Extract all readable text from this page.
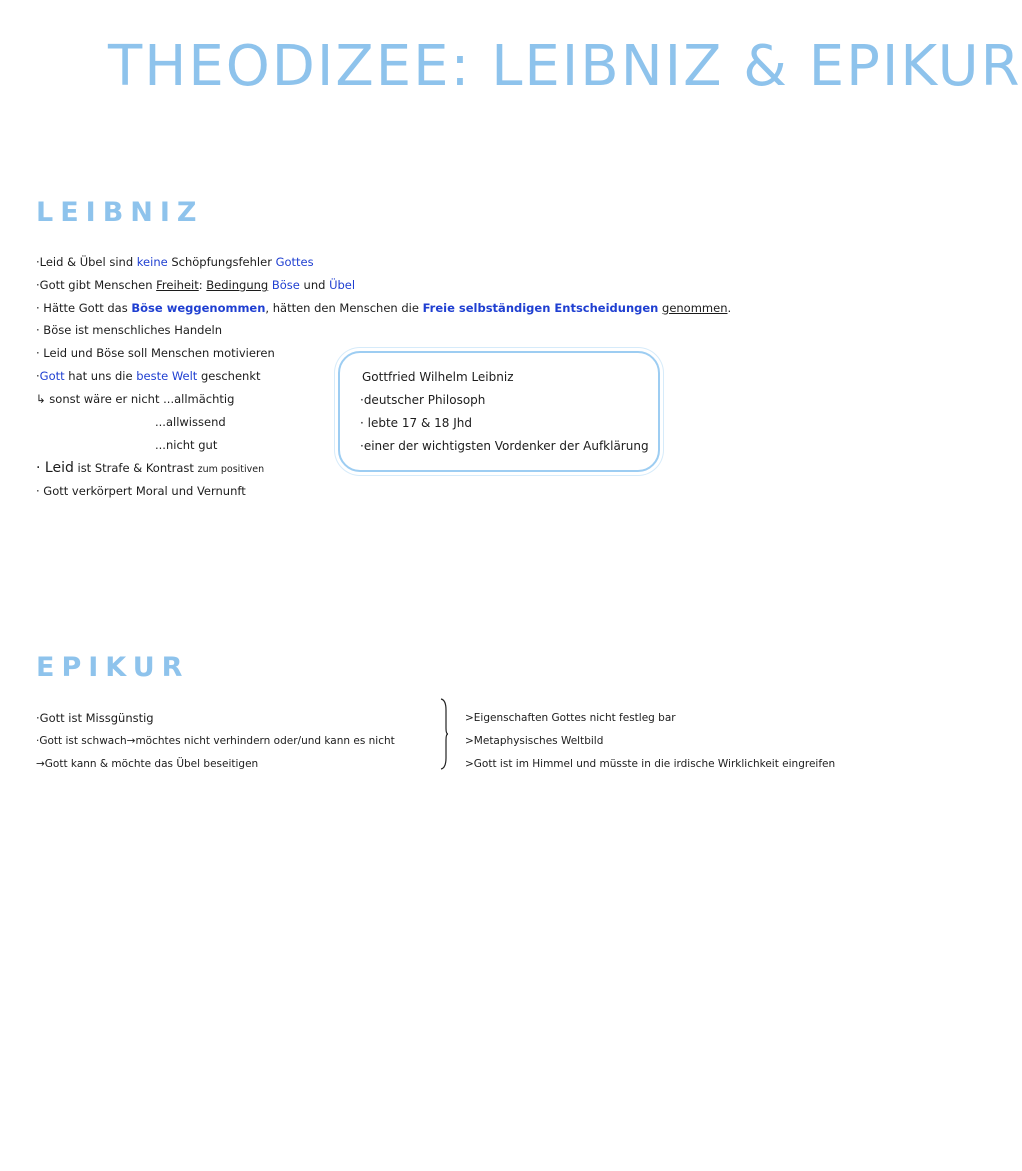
THEODIZEE: LEIBNIZ & EPIKUR
LEIBNIZ
·Leid & Übel sind keine Schöpfungsfehler Gottes
·Gott gibt Menschen Freiheit: Bedingung Böse und Übel
· Hätte Gott das Böse weggenommen, hätten den Menschen die Freie selbständigen Entscheidungen genommen.
· Böse ist menschliches Handeln
· Leid und Böse soll Menschen motivieren
·Gott hat uns die beste Welt geschenkt
↳ sonst wäre er nicht ...allmächtig
...allwissend
...nicht gut
· Leid ist Strafe & Kontrast zum positiven
· Gott verkörpert Moral und Vernunft
Gottfried Wilhelm Leibniz
·deutscher Philosoph
· lebte 17 & 18 Jhd
·einer der wichtigsten Vordenker der Aufklärung
EPIKUR
·Gott ist Missgünstig
·Gott ist schwach→möchtes nicht verhindern oder/und kann es nicht
→Gott kann & möchte das Übel beseitigen
>Eigenschaften Gottes nicht festleg bar
>Metaphysisches Weltbild
>Gott ist im Himmel und müsste in die irdische Wirklichkeit eingreifen
